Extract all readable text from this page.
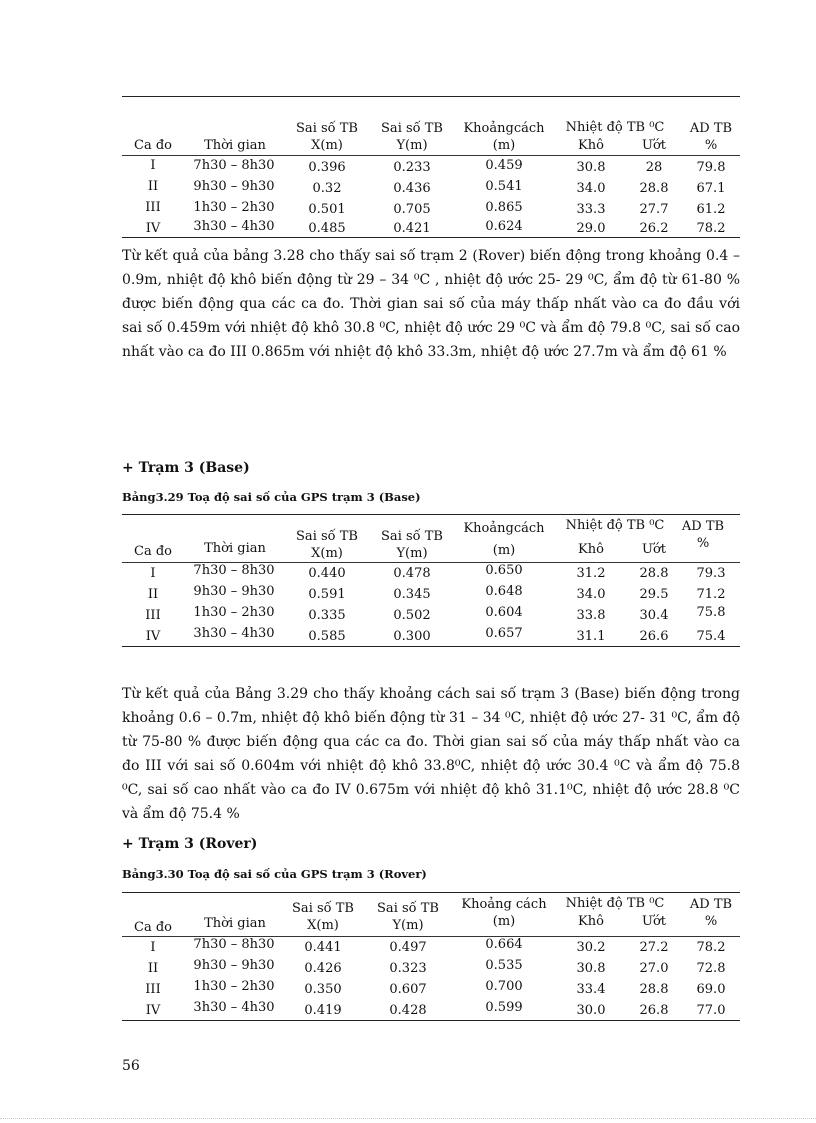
Ca đo	Thời gian
Sai số TB X(m)
Sai số TB Y(m)
Khoảngcách (m)
Nhiệt độ TB ⁰C
Khô	Ướt
AD TB %
I	7h30 – 8h30	0.396	0.233	0.459	30.8	28	79.8
II	9h30 – 9h30	0.32	0.436	0.541	34.0	28.8	67.1
III	1h30 – 2h30	0.501	0.705	0.865	33.3	27.7	61.2
IV	3h30 – 4h30	0.485	0.421	0.624	29.0	26.2	78.2
Từ kết quả của bảng 3.28 cho thấy sai số trạm 2 (Rover) biến động trong khoảng 0.4 – 0.9m, nhiệt độ khô biến động từ 29 – 34 ⁰C , nhiệt độ ước 25- 29 ⁰C, ẩm độ từ 61-80 % được biến động qua các ca đo. Thời gian sai số của máy thấp nhất vào ca đo đầu với sai số 0.459m với nhiệt độ khô 30.8 ⁰C, nhiệt độ ước 29 ⁰C và ẩm độ 79.8 ⁰C, sai số cao nhất vào ca đo III 0.865m với nhiệt độ khô 33.3m, nhiệt độ ước 27.7m và ẩm độ 61 %
+ Trạm 3 (Base)
Bảng3.29 Toạ độ sai số của GPS trạm 3 (Base)
Ca đo	Thời gian
Sai số TB X(m)
Sai số TB Y(m)
Khoảngcách (m)
Nhiệt độ TB ⁰C
Khô	Ướt
AD TB %
I	7h30 – 8h30	0.440	0.478	0.650	31.2	28.8	79.3
II	9h30 – 9h30	0.591	0.345	0.648	34.0	29.5	71.2
III	1h30 – 2h30	0.335	0.502	0.604	33.8	30.4	75.8
IV	3h30 – 4h30	0.585	0.300	0.657	31.1	26.6	75.4
Từ kết quả của Bảng 3.29 cho thấy khoảng cách sai số trạm 3 (Base) biến động trong khoảng 0.6 – 0.7m, nhiệt độ khô biến động từ 31 – 34 ⁰C, nhiệt độ ước 27- 31 ⁰C, ẩm độ từ 75-80 % được biến động qua các ca đo. Thời gian sai số của máy thấp nhất vào ca đo III với sai số 0.604m với nhiệt độ khô 33.8⁰C, nhiệt độ ước 30.4 ⁰C và ẩm độ 75.8 ⁰C, sai số cao nhất vào ca đo IV 0.675m với nhiệt độ khô 31.1⁰C, nhiệt độ ước 28.8 ⁰C và ẩm độ 75.4 %
+ Trạm 3 (Rover)
Bảng3.30 Toạ độ sai số của GPS trạm 3 (Rover)
Ca đo	Thời gian
Sai số TB X(m)
Sai số TB Y(m)
Khoảng cách (m)
Nhiệt độ TB ⁰C
Khô	Ướt
AD TB %
I	7h30 – 8h30	0.441	0.497	0.664	30.2	27.2	78.2
II	9h30 – 9h30	0.426	0.323	0.535	30.8	27.0	72.8
III	1h30 – 2h30	0.350	0.607	0.700	33.4	28.8	69.0
IV	3h30 – 4h30	0.419	0.428	0.599	30.0	26.8	77.0
56
